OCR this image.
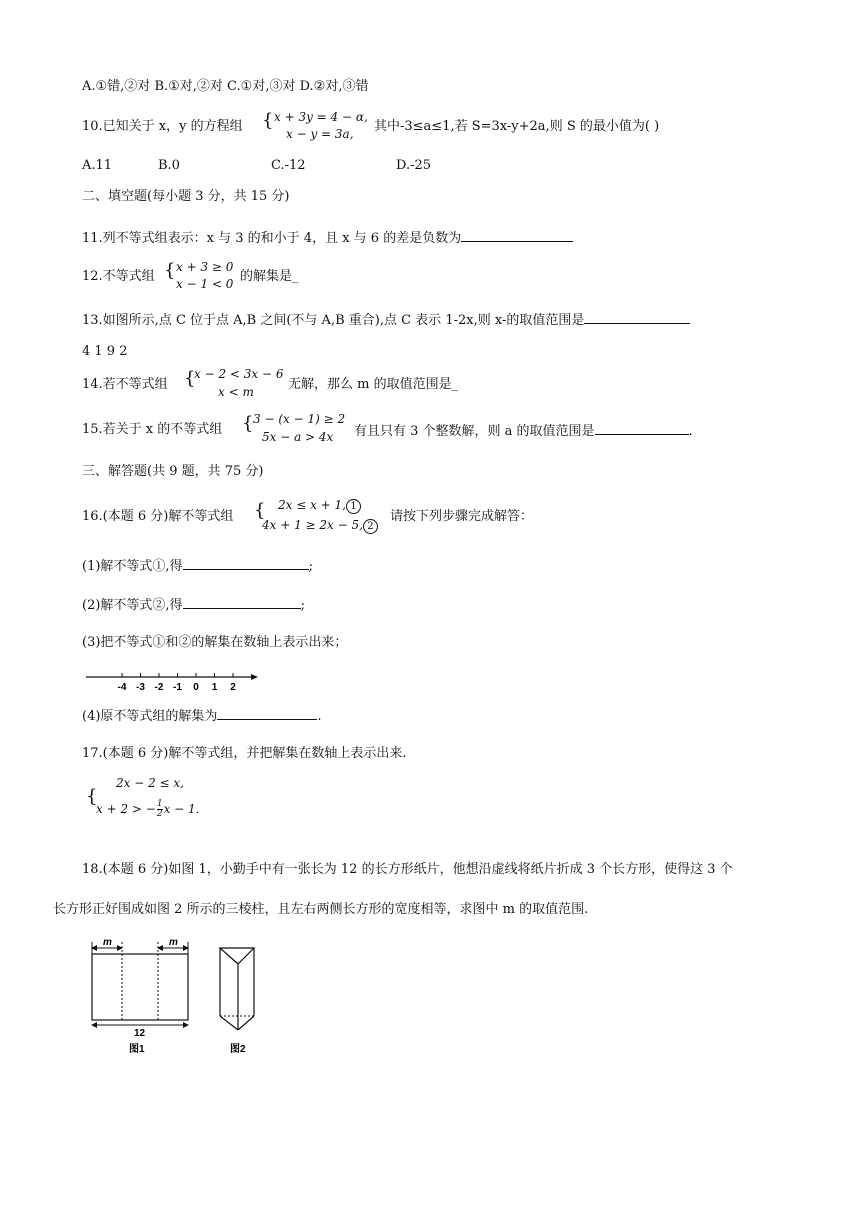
A.①错,②对 B.①对,②对 C.①对,③对 D.②对,③错
10.已知关于 x，y 的方程组 { x + 3y = 4 − α,
x − y = 3a, 其中-3≤a≤1,若 S=3x-y+2a,则 S 的最小值为( )
A.11	B.0	C.-12	D.-25
二、填空题(每小题 3 分，共 15 分)
11.列不等式组表示：x 与 3 的和小于 4，且 x 与 6 的差是负数为
12.不等式组 { x + 3 ≥ 0
x − 1 < 0 的解集是_
13.如图所示,点 C 位于点 A,B 之间(不与 A,B 重合),点 C 表示 1-2x,则 x-的取值范围是
4 1 9 2
14.若不等式组 {
x − 2 < 3x − 6
x < m	无解，那么 m 的取值范围是_
15.若关于 x 的不等式组 { 3 − (x − 1) ≥ 2
5x − a > 4x 有且只有 3 个整数解，则 a 的取值范围是	.
三、解答题(共 9 题，共 75 分)
16.(本题 6 分)解不等式组 { 2x ≤ x + 1, 1
4x + 1 ≥ 2x − 5, 2
请按下列步骤完成解答：
(1)解不等式①,得	;
(2)解不等式②,得	;
(3)把不等式①和②的解集在数轴上表示出来；
-4 -3 -2 -1 0 1 2
(4)原不等式组的解集为	.
17.(本题 6 分)解不等式组，并把解集在数轴上表示出来.
{
2x − 2 ≤ x,
x + 2 > − $\frac{1}{2}$ x − 1.
18.(本题 6 分)如图 1，小勤手中有一张长为 12 的长方形纸片，他想沿虚线将纸片折成 3 个长方形，使得这 3 个
长方形正好围成如图 2 所示的三棱柱，且左右两侧长方形的宽度相等，求图中 m 的取值范围.
m	m
12
图1	图2
